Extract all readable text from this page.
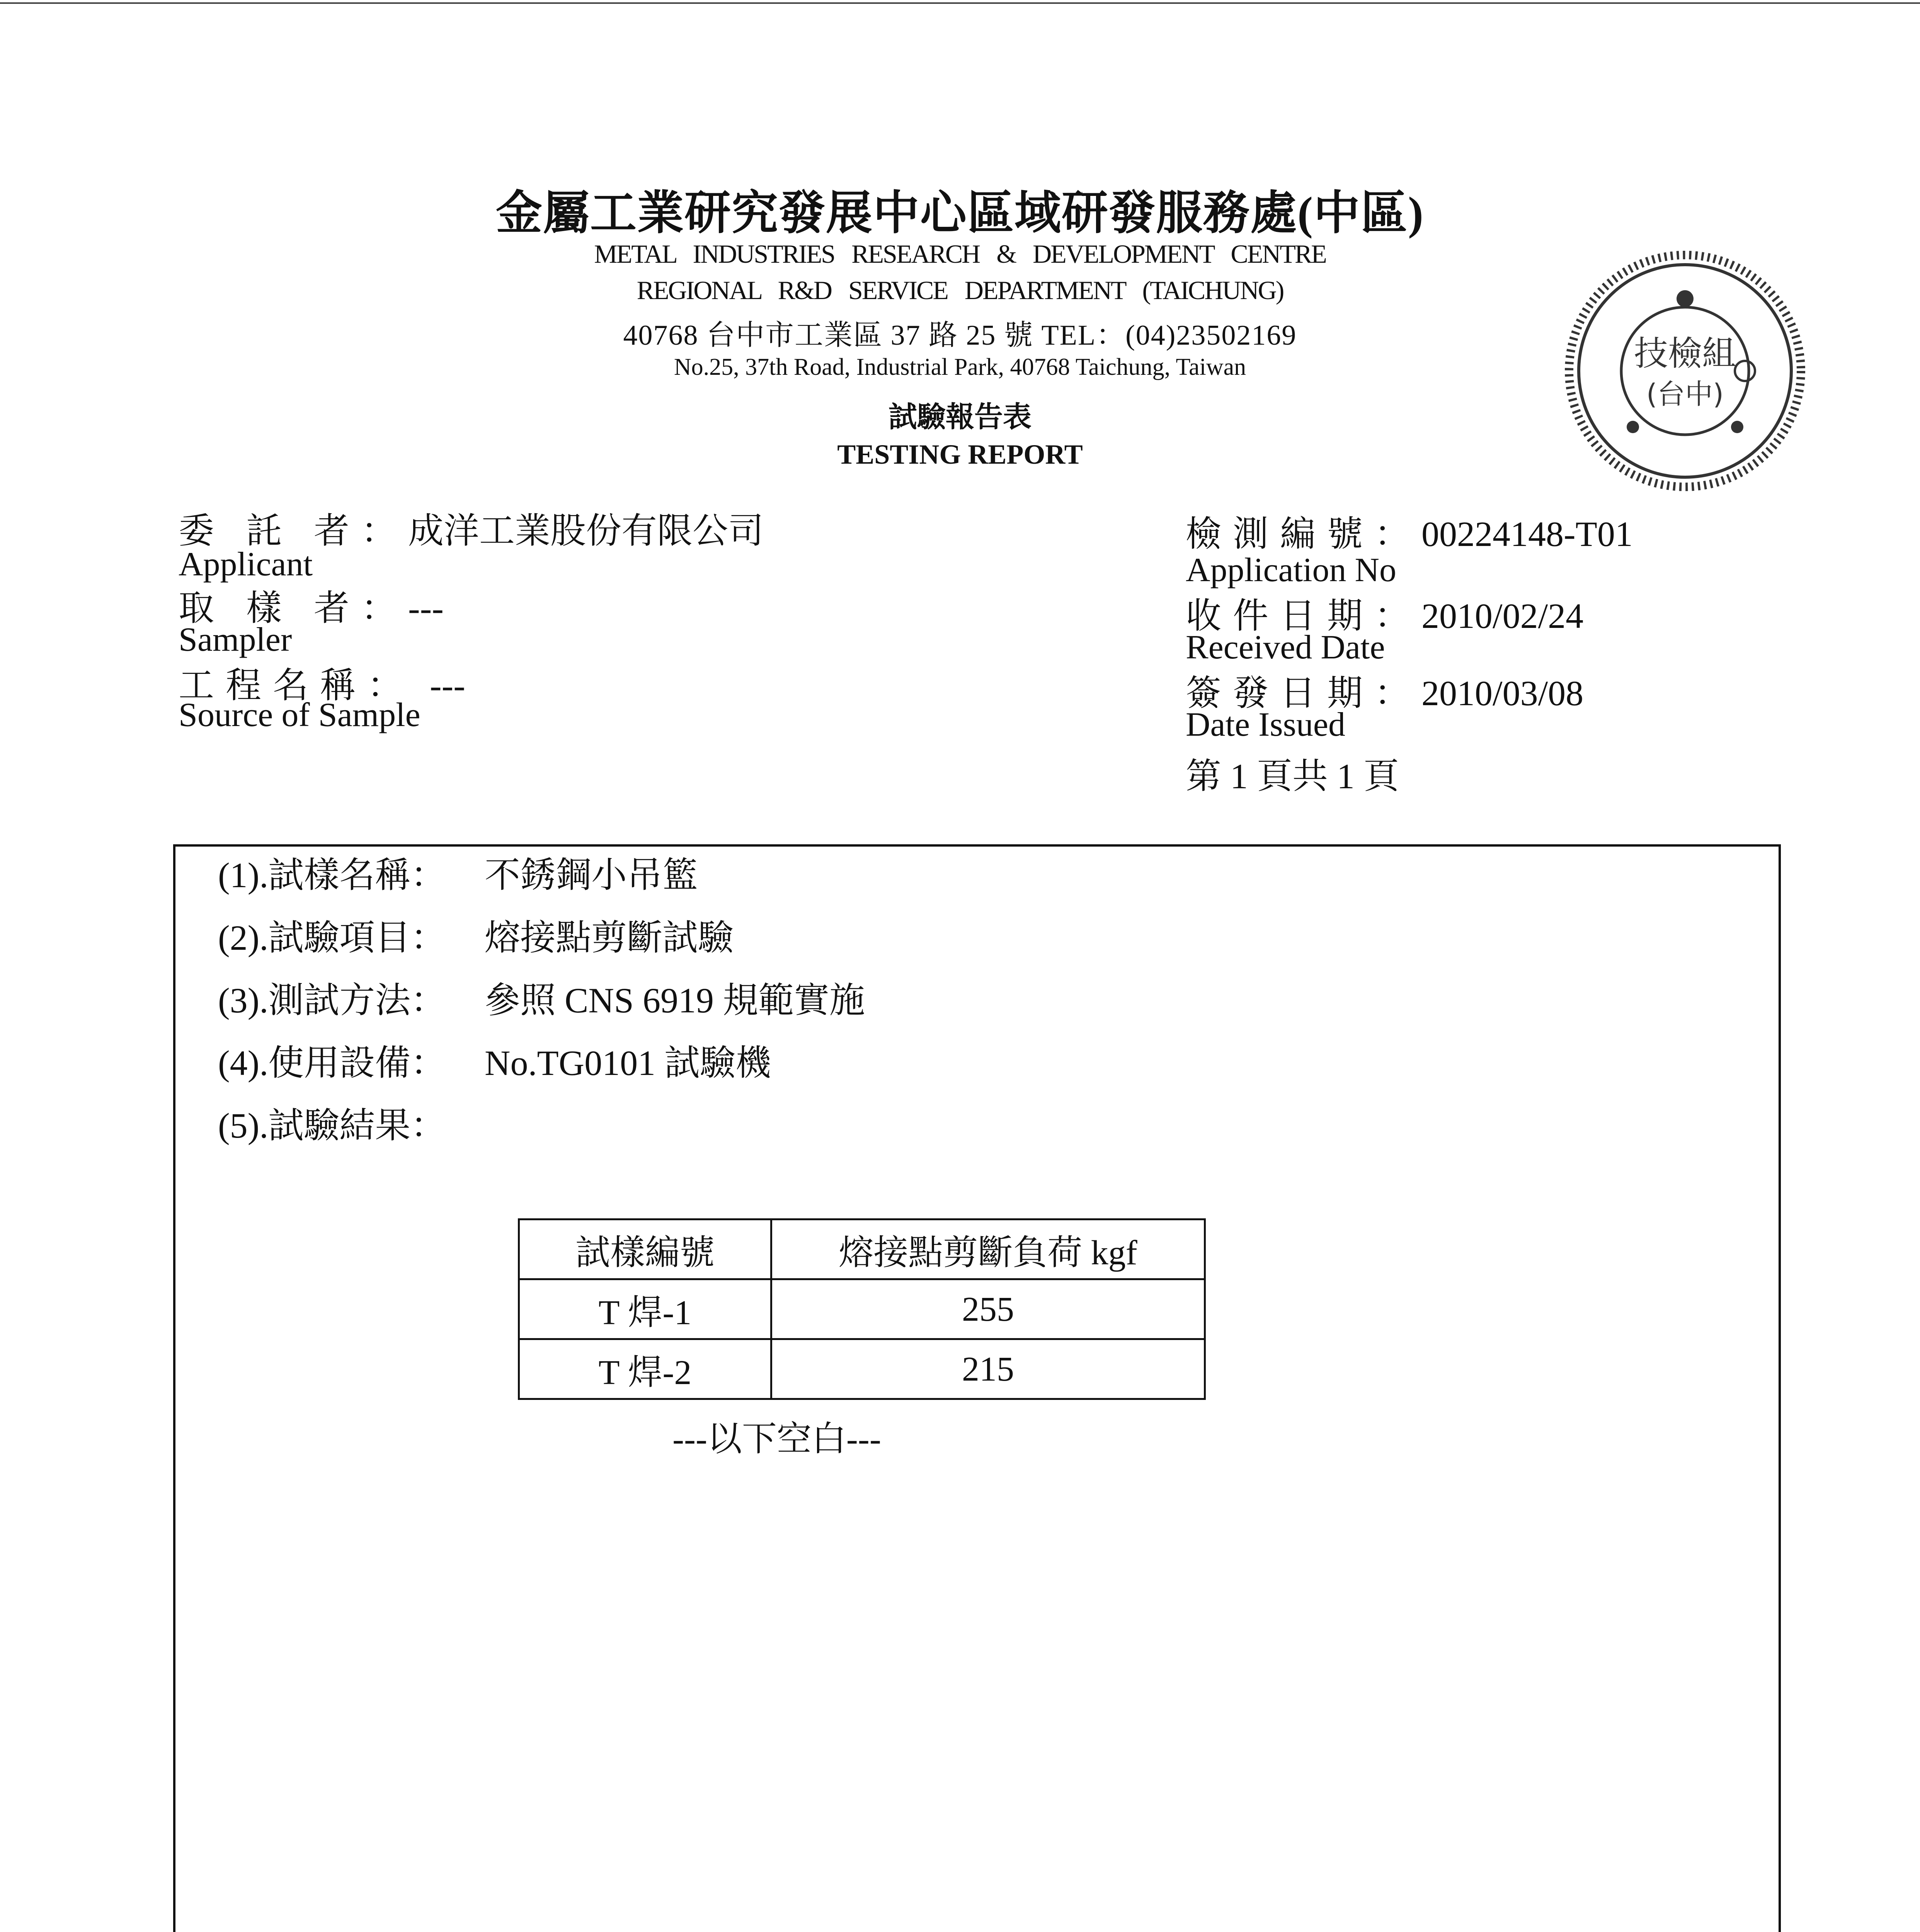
金屬工業研究發展中心區域研發服務處(中區)
METAL INDUSTRIES RESEARCH & DEVELOPMENT CENTRE
REGIONAL R&D SERVICE DEPARTMENT (TAICHUNG)
40768 台中市工業區 37 路 25 號 TEL：(04)23502169
No.25, 37th Road, Industrial Park, 40768 Taichung, Taiwan
試驗報告表
TESTING REPORT
技檢組
(台中)
委 託 者：成洋工業股份有限公司
Applicant
取 樣 者：---
Sampler
工程名稱： ---
Source of Sample
檢測編號：00224148-T01
Application No
收件日期：2010/02/24
Received Date
簽發日期：2010/03/08
Date Issued
第 1 頁共 1 頁
(1).試樣名稱： 不銹鋼小吊籃
(2).試驗項目： 熔接點剪斷試驗
(3).測試方法： 參照 CNS 6919 規範實施
(4).使用設備： No.TG0101 試驗機
(5).試驗結果：
試樣編號	熔接點剪斷負荷 kgf
T 焊-1	255
T 焊-2	215
---以下空白---
